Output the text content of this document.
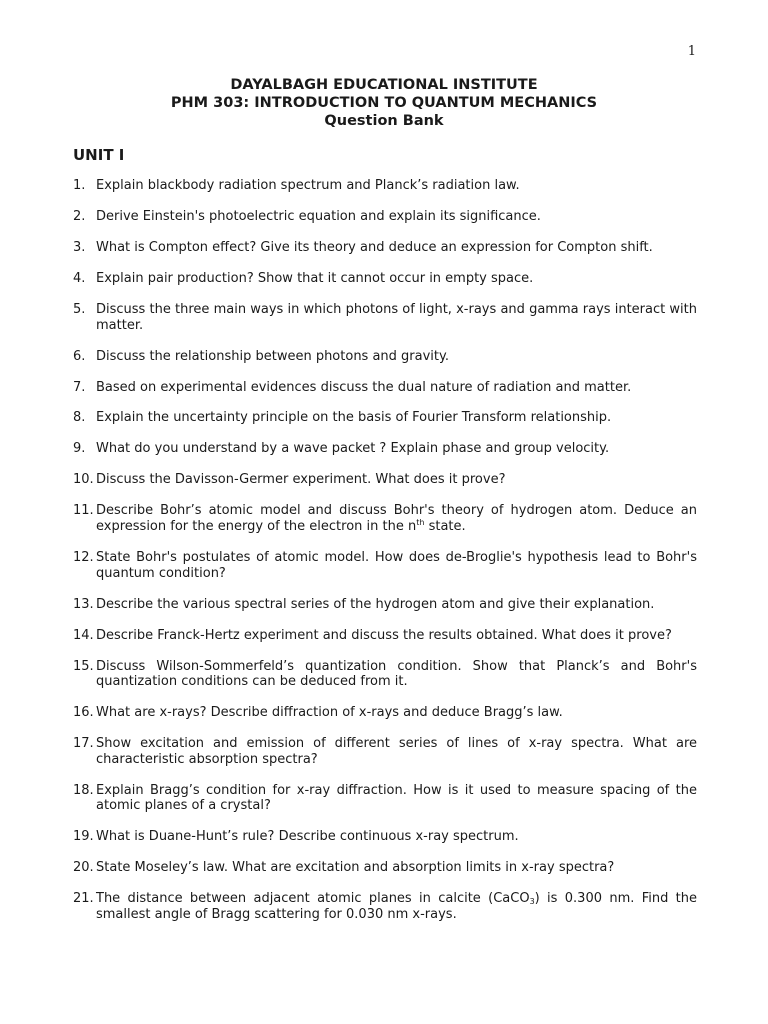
1
DAYALBAGH EDUCATIONAL INSTITUTE
PHM 303: INTRODUCTION TO QUANTUM MECHANICS
Question Bank
UNIT I
1. Explain blackbody radiation spectrum and Planck’s radiation law.
2. Derive Einstein's photoelectric equation and explain its significance.
3. What is Compton effect? Give its theory and deduce an expression for Compton shift.
4. Explain pair production? Show that it cannot occur in empty space.
5. Discuss the three main ways in which photons of light, x-rays and gamma rays interact with matter.
6. Discuss the relationship between photons and gravity.
7. Based on experimental evidences discuss the dual nature of radiation and matter.
8. Explain the uncertainty principle on the basis of Fourier Transform relationship.
9. What do you understand by a wave packet ? Explain phase and group velocity.
10. Discuss the Davisson-Germer experiment. What does it prove?
11. Describe Bohr’s atomic model and discuss Bohr's theory of hydrogen atom. Deduce an expression for the energy of the electron in the $n^{th}$ state.
12. State Bohr's postulates of atomic model. How does de-Broglie's hypothesis lead to Bohr's quantum condition?
13. Describe the various spectral series of the hydrogen atom and give their explanation.
14. Describe Franck-Hertz experiment and discuss the results obtained. What does it prove?
15. Discuss Wilson-Sommerfeld’s quantization condition. Show that Planck’s and Bohr's quantization conditions can be deduced from it.
16. What are x-rays? Describe diffraction of x-rays and deduce Bragg’s law.
17. Show excitation and emission of different series of lines of x-ray spectra. What are characteristic absorption spectra?
18. Explain Bragg’s condition for x-ray diffraction. How is it used to measure spacing of the atomic planes of a crystal?
19. What is Duane-Hunt’s rule? Describe continuous x-ray spectrum.
20. State Moseley’s law. What are excitation and absorption limits in x-ray spectra?
21. The distance between adjacent atomic planes in calcite (CaCO$_3$) is 0.300 nm. Find the smallest angle of Bragg scattering for 0.030 nm x-rays.
